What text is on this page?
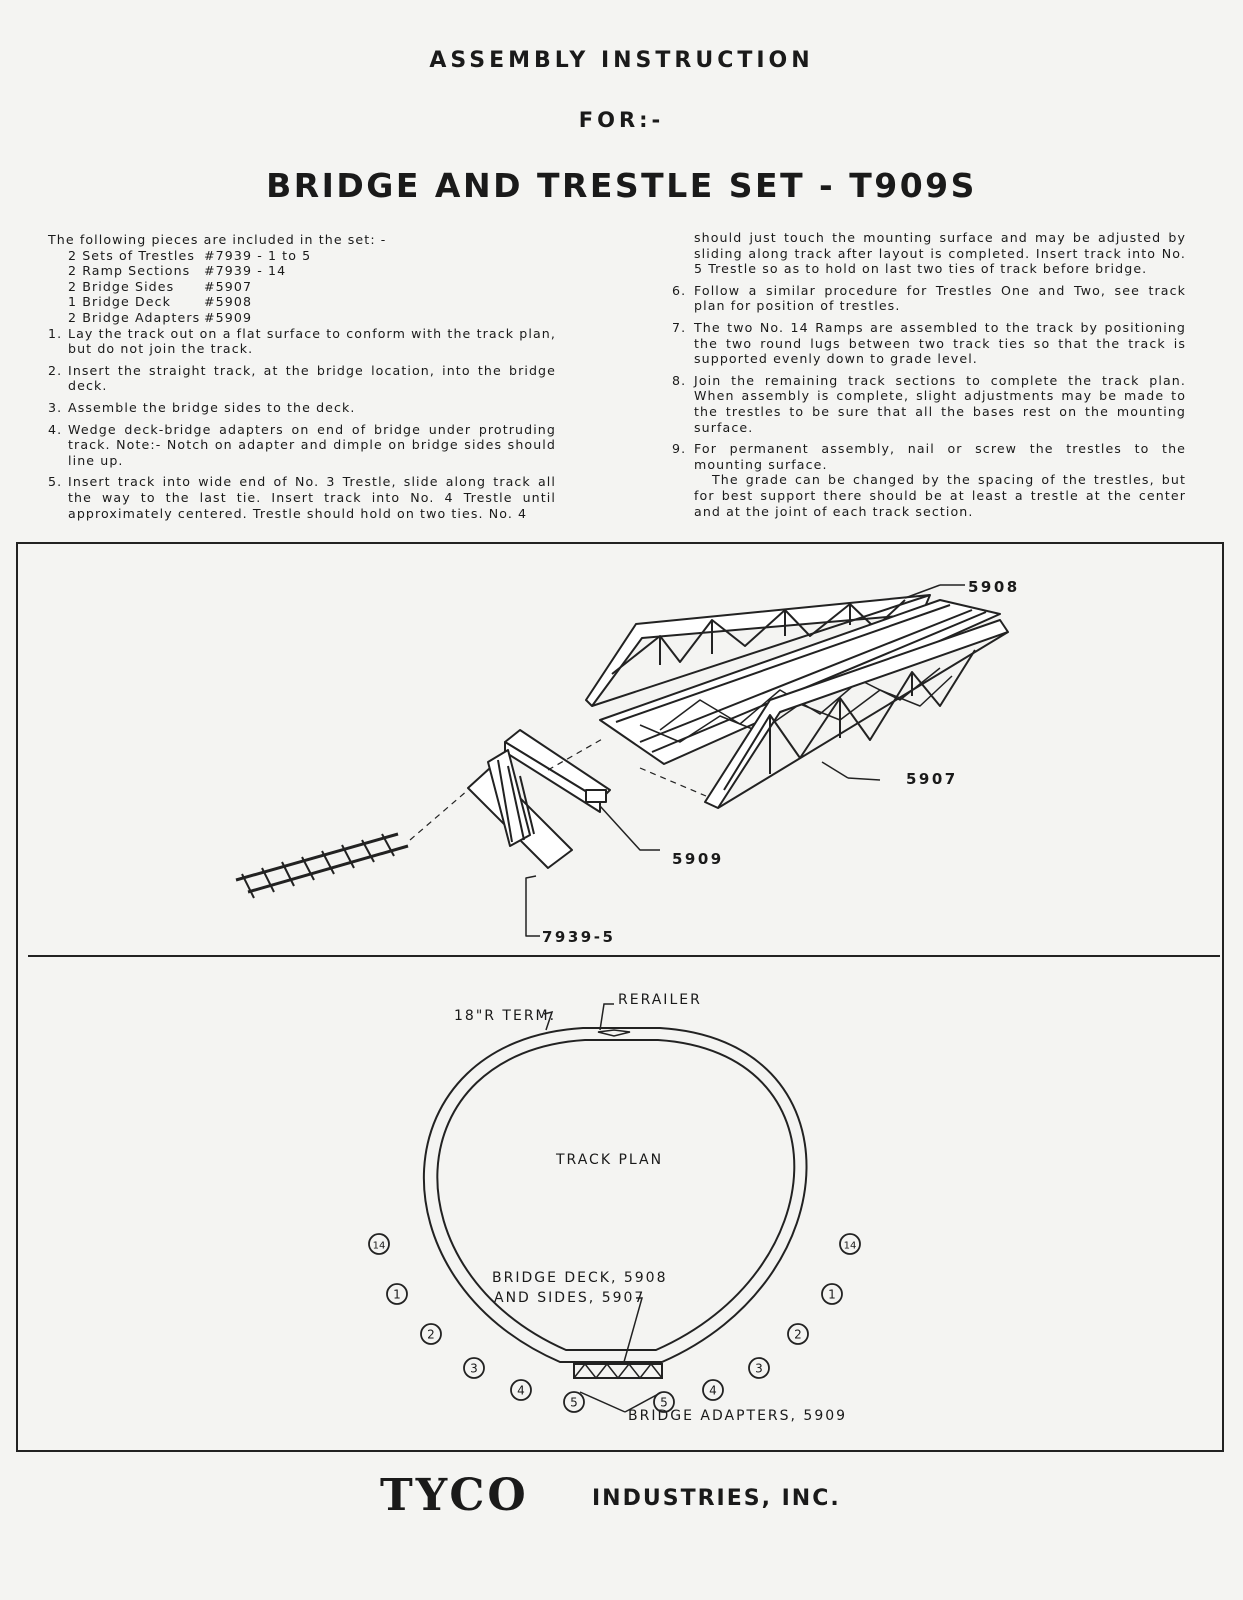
ASSEMBLY INSTRUCTION
FOR:-
BRIDGE AND TRESTLE SET - T909S

The following pieces are included in the set: -

2 Sets of Trestles #7939 - 1 to 5
2 Ramp Sections	#7939 - 14
2 Bridge Sides	#5907
1 Bridge Deck	#5908
2 Bridge Adapters #5909

1. Lay the track out on a flat surface to conform with the track plan, but do not join the track.

2. Insert the straight track, at the bridge location, into the bridge deck.

3. Assemble the bridge sides to the deck.

4. Wedge deck-bridge adapters on end of bridge under protruding track. Note:- Notch on adapter and dimple on bridge sides should line up.

5. Insert track into wide end of No. 3 Trestle, slide along track all the way to the last tie. Insert track into No. 4 Trestle until approximately centered. Trestle should hold on two ties. No. 4

should just touch the mounting surface and may be adjusted by sliding along track after layout is completed. Insert track into No. 5 Trestle so as to hold on last two ties of track before bridge.

6. Follow a similar procedure for Trestles One and Two, see track plan for position of trestles.

7. The two No. 14 Ramps are assembled to the track by positioning the two round lugs between two track ties so that the track is supported evenly down to grade level.

8. Join the remaining track sections to complete the track plan. When assembly is complete, slight adjustments may be made to the trestles to be sure that all the bases rest on the mounting surface.

9. For permanent assembly, nail or screw the trestles to the mounting surface.

The grade can be changed by the spacing of the trestles, but for best support there should be at least a trestle at the center and at the joint of each track section.

5908
5907
5909
7939-5
18"R TERM.
RERAILER
TRACK PLAN
BRIDGE DECK, 5908
AND SIDES, 5907
BRIDGE ADAPTERS, 5909
14
1
2
3
4
5	5
4
3
2
1
14
TYCO	INDUSTRIES, INC.
